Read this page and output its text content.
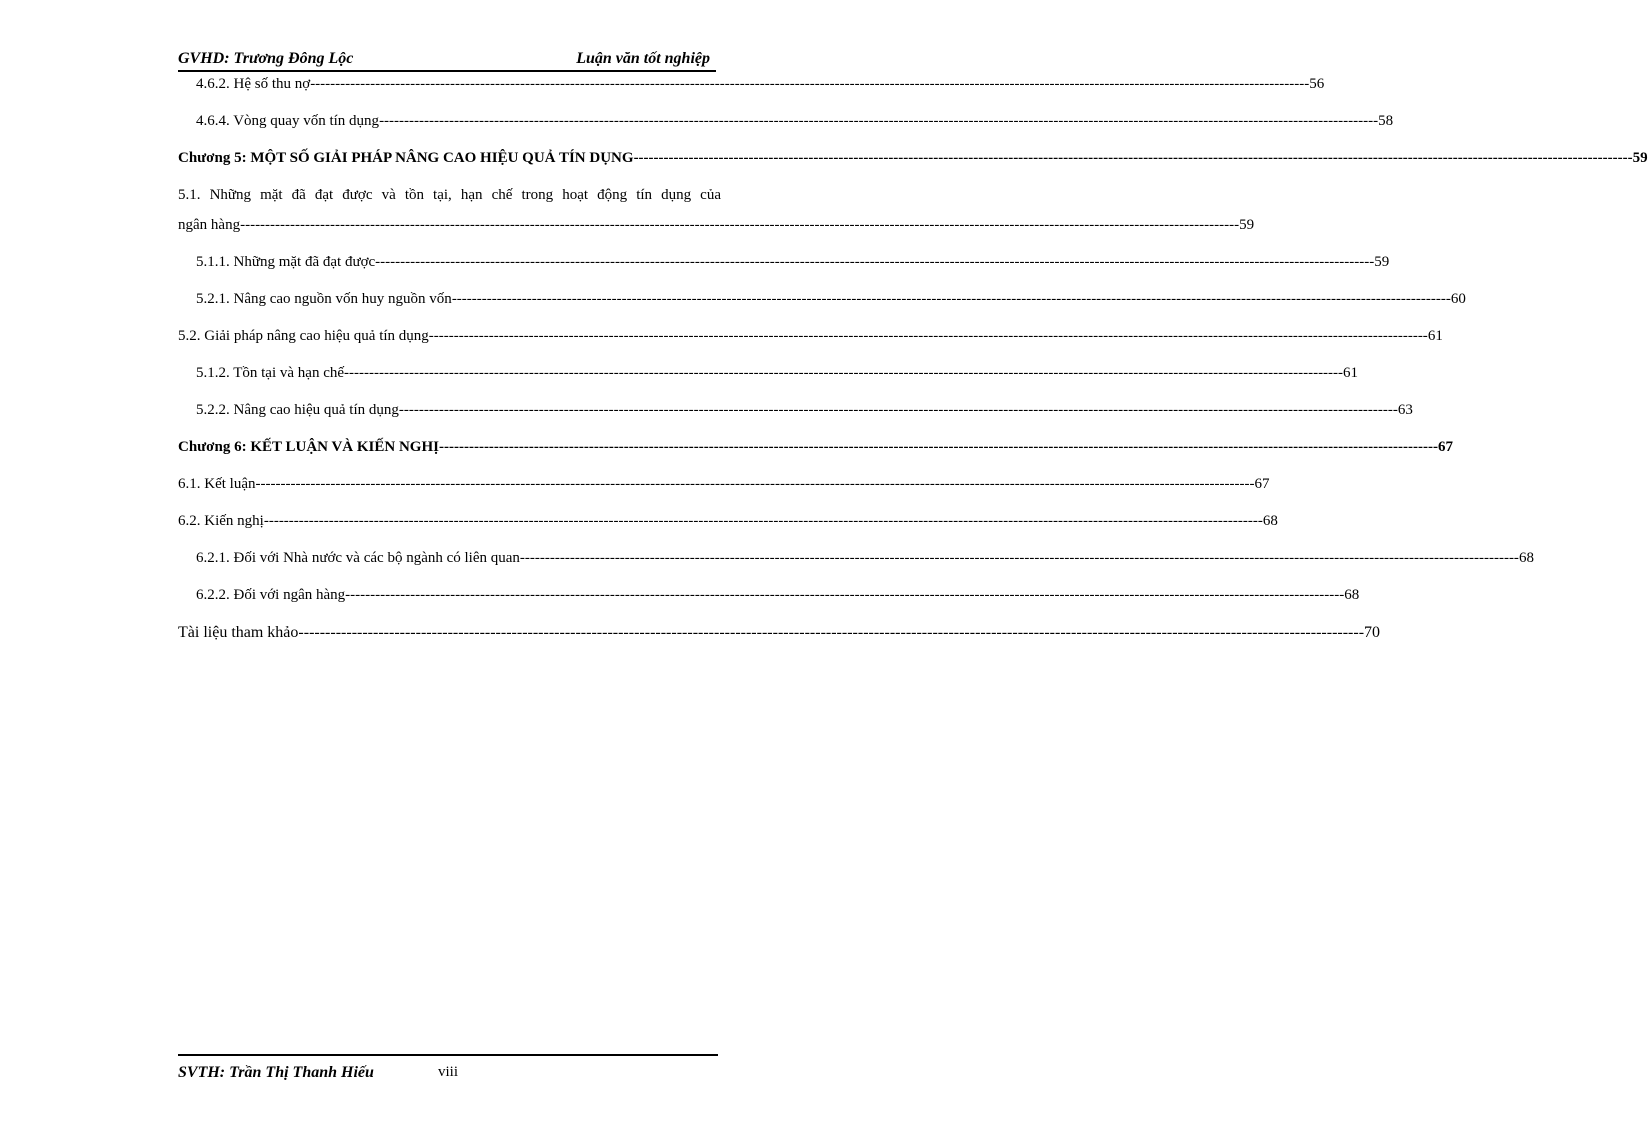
GVHD: Trương Đông Lộc	Luận văn tốt nghiệp
4.6.2. Hệ số thu nợ -------------------------------------------------------------------------------------------------------------------------------------------------------------------------------------------------------- 56
4.6.4. Vòng quay vốn tín dụng -------------------------------------------------------------------------------------------------------------------------------------------------------------------------------------------------------- 58
Chương 5: MỘT SỐ GIẢI PHÁP NÂNG CAO HIỆU QUẢ TÍN DỤNG -------------------------------------------------------------------------------------------------------------------------------------------------------------------------------------------------------- 59
5.1. Những mặt đã đạt được và tồn tại, hạn chế trong hoạt động tín dụng của
ngân hàng -------------------------------------------------------------------------------------------------------------------------------------------------------------------------------------------------------- 59
5.1.1. Những mặt đã đạt được -------------------------------------------------------------------------------------------------------------------------------------------------------------------------------------------------------- 59
5.2.1. Nâng cao nguồn vốn huy nguồn vốn -------------------------------------------------------------------------------------------------------------------------------------------------------------------------------------------------------- 60
5.2. Giải pháp nâng cao hiệu quả tín dụng -------------------------------------------------------------------------------------------------------------------------------------------------------------------------------------------------------- 61
5.1.2. Tồn tại và hạn chế -------------------------------------------------------------------------------------------------------------------------------------------------------------------------------------------------------- 61
5.2.2. Nâng cao hiệu quả tín dụng -------------------------------------------------------------------------------------------------------------------------------------------------------------------------------------------------------- 63
Chương 6: KẾT LUẬN VÀ KIẾN NGHỊ -------------------------------------------------------------------------------------------------------------------------------------------------------------------------------------------------------- 67
6.1. Kết luận -------------------------------------------------------------------------------------------------------------------------------------------------------------------------------------------------------- 67
6.2. Kiến nghị -------------------------------------------------------------------------------------------------------------------------------------------------------------------------------------------------------- 68
6.2.1. Đối với Nhà nước và các bộ ngành có liên quan -------------------------------------------------------------------------------------------------------------------------------------------------------------------------------------------------------- 68
6.2.2. Đối với ngân hàng -------------------------------------------------------------------------------------------------------------------------------------------------------------------------------------------------------- 68
Tài liệu tham khảo -------------------------------------------------------------------------------------------------------------------------------------------------------------------------------------------------------- 70
SVTH: Trần Thị Thanh Hiếu	viii
